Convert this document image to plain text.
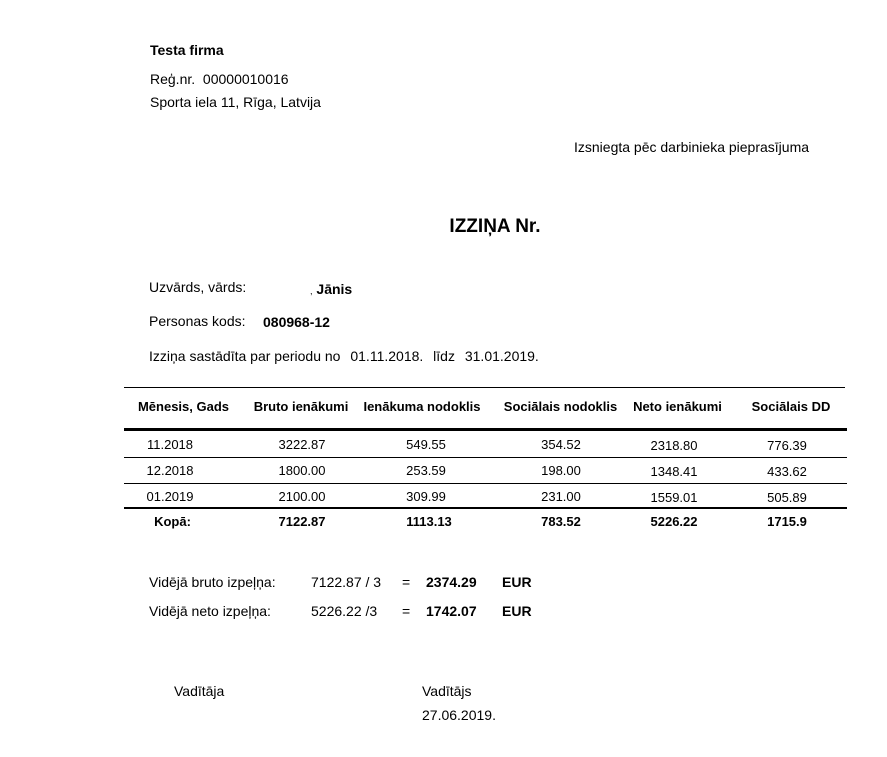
Testa firma
Reģ.nr. 00000010016
Sporta iela 11, Rīga, Latvija
Izsniegta pēc darbinieka pieprasījuma
IZZIŅA Nr.
Uzvārds, vārds:	, Jānis
Personas kods: 080968-12
Izziņa sastādīta par periodu no 01.11.2018. līdz 31.01.2019.
Mēnesis, Gads	Bruto ienākumi	Ienākuma nodoklis	Sociālais nodoklis	Neto ienākumi	Sociālais DD
11.2018	3222.87	549.55	354.52	2318.80	776.39
12.2018	1800.00	253.59	198.00	1348.41	433.62
01.2019	2100.00	309.99	231.00	1559.01	505.89
Kopā:	7122.87	1113.13	783.52	5226.22	1715.9
Vidējā bruto izpeļņa:	7122.87 / 3 = 2374.29 EUR
Vidējā neto izpeļņa:	5226.22 /3 = 1742.07 EUR
Vadītāja	Vadītājs
27.06.2019.
